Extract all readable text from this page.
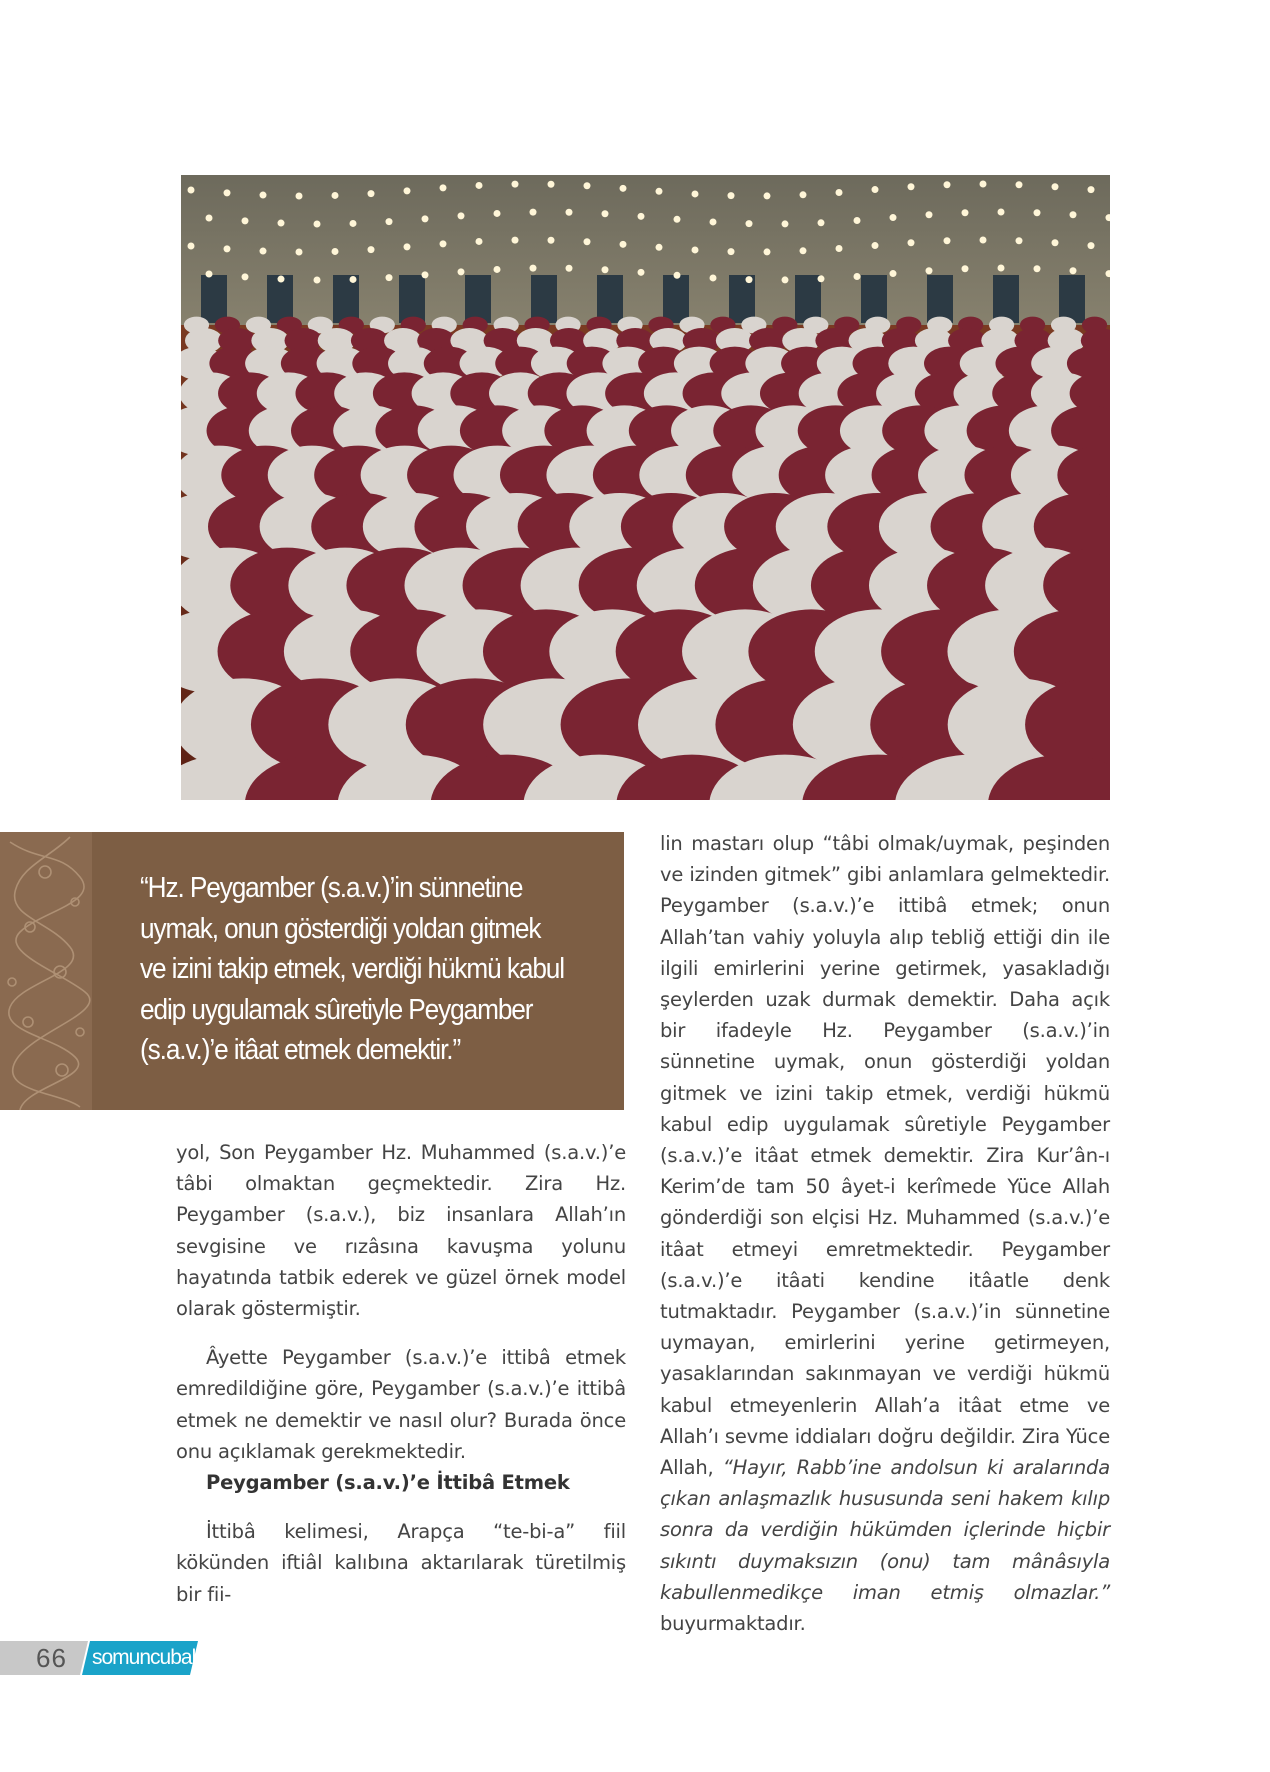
“Hz. Peygamber (s.a.v.)’in sünnetine
uymak, onun gösterdiği yoldan gitmek
ve izini takip etmek, verdiği hükmü kabul
edip uygulamak sûretiyle Peygamber
(s.a.v.)’e itâat etmek demektir.”

yol, Son Peygamber Hz. Muhammed (s.a.v.)’e tâbi olmaktan geçmektedir. Zira Hz. Peygamber (s.a.v.), biz insanlara Allah’ın sevgisine ve rızâsına kavuşma yolunu hayatında tatbik ederek ve güzel örnek model olarak göstermiştir.

Âyette Peygamber (s.a.v.)’e ittibâ etmek emredildiğine göre, Peygamber (s.a.v.)’e ittibâ etmek ne demektir ve nasıl olur? Burada önce onu açıklamak gerekmektedir.

Peygamber (s.a.v.)’e İttibâ Etmek

İttibâ kelimesi, Arapça “te-bi-a” fiil kökünden iftiâl kalıbına aktarılarak türetilmiş bir fii-

lin mastarı olup “tâbi olmak/uymak, peşinden ve izinden gitmek” gibi anlamlara gelmektedir. Peygamber (s.a.v.)’e ittibâ etmek; onun Allah’tan vahiy yoluyla alıp tebliğ ettiği din ile ilgili emirlerini yerine getirmek, yasakladığı şeylerden uzak durmak demektir. Daha açık bir ifadeyle Hz. Peygamber (s.a.v.)’in sünnetine uymak, onun gösterdiği yoldan gitmek ve izini takip etmek, verdiği hükmü kabul edip uygulamak sûretiyle Peygamber (s.a.v.)’e itâat etmek demektir. Zira Kur’ân-ı Kerim’de tam 50 âyet-i kerîmede Yüce Allah gönderdiği son elçisi Hz. Muhammed (s.a.v.)’e itâat etmeyi emretmektedir. Peygamber (s.a.v.)’e itâati kendine itâatle denk tutmaktadır. Peygamber (s.a.v.)’in sünnetine uymayan, emirlerini yerine getirmeyen, yasaklarından sakınmayan ve verdiği hükmü kabul etmeyenlerin Allah’a itâat etme ve Allah’ı sevme iddiaları doğru değildir. Zira Yüce Allah, “Hayır, Rabb’ine andolsun ki aralarında çıkan anlaşmazlık hususunda seni hakem kılıp sonra da verdiğin hükümden içlerinde hiçbir sıkıntı duymaksızın (onu) tam mânâsıyla kabullenmedikçe iman etmiş olmazlar.” buyurmaktadır.

66 somuncubaba
